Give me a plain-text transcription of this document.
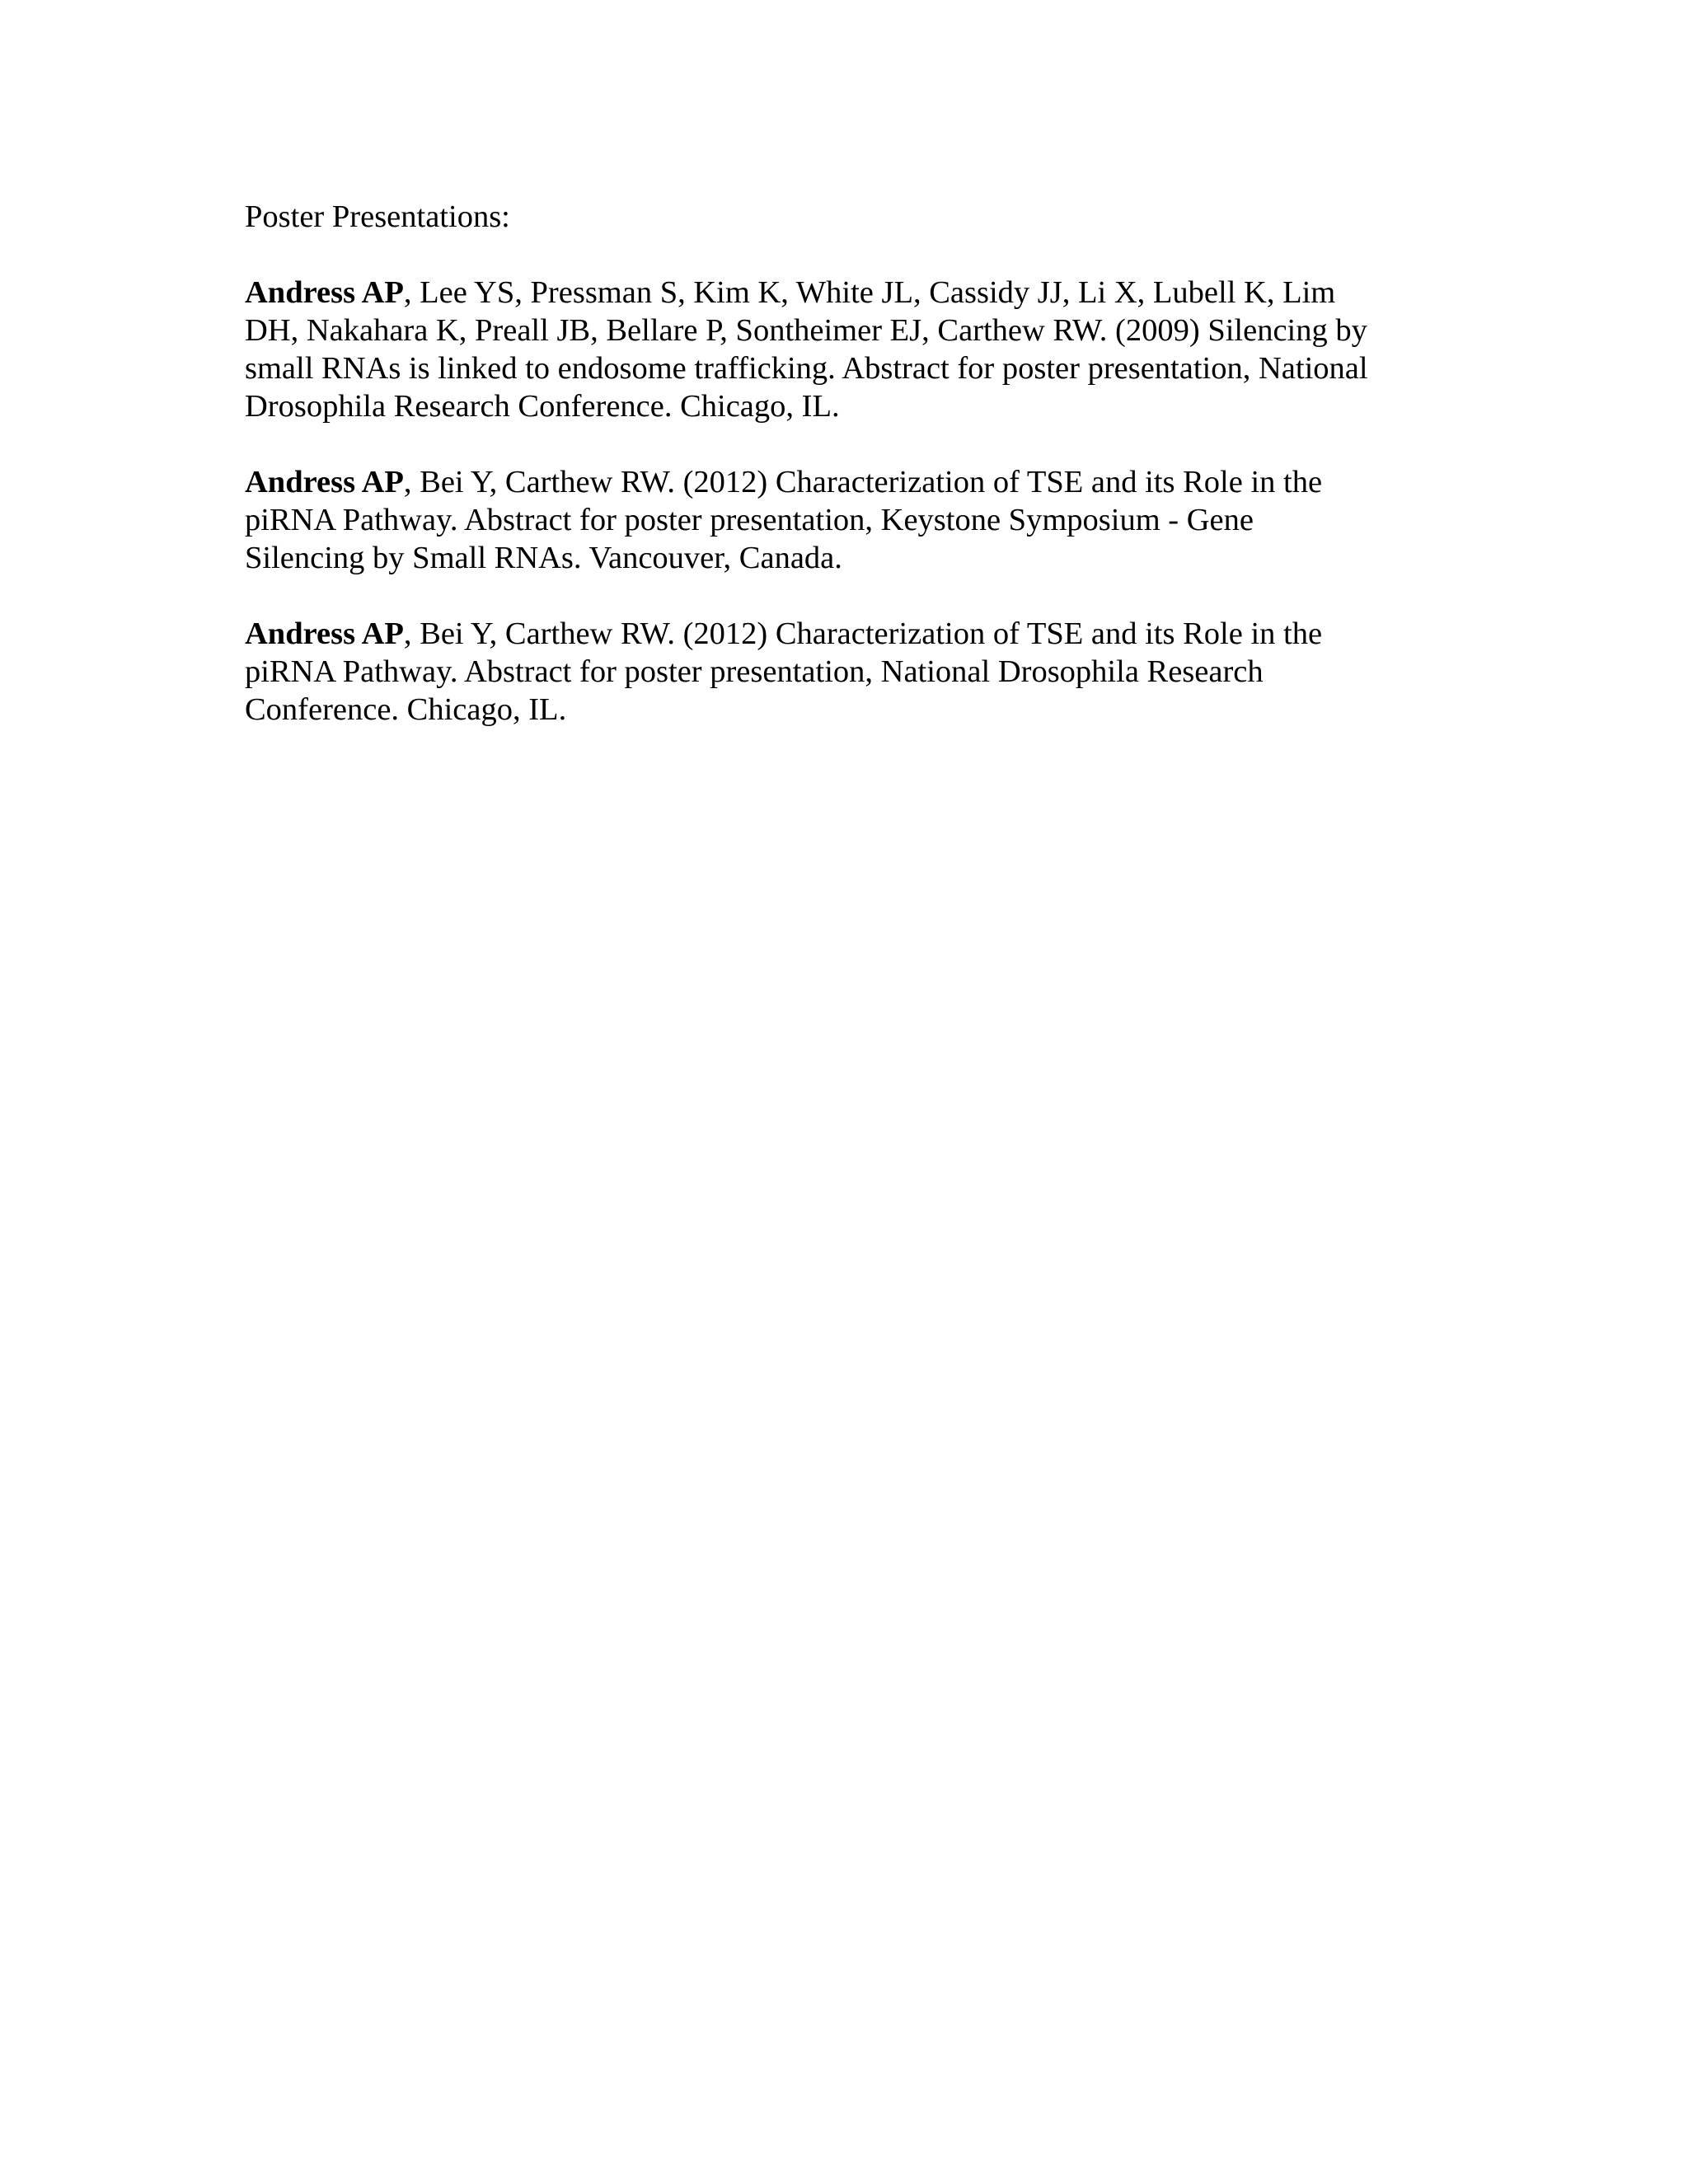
Poster Presentations:
Andress AP, Lee YS, Pressman S, Kim K, White JL, Cassidy JJ, Li X, Lubell K, Lim
DH, Nakahara K, Preall JB, Bellare P, Sontheimer EJ, Carthew RW. (2009) Silencing by
small RNAs is linked to endosome trafficking. Abstract for poster presentation, National
Drosophila Research Conference. Chicago, IL.
Andress AP, Bei Y, Carthew RW. (2012) Characterization of TSE and its Role in the
piRNA Pathway. Abstract for poster presentation, Keystone Symposium - Gene
Silencing by Small RNAs. Vancouver, Canada.
Andress AP, Bei Y, Carthew RW. (2012) Characterization of TSE and its Role in the
piRNA Pathway. Abstract for poster presentation, National Drosophila Research
Conference. Chicago, IL.
